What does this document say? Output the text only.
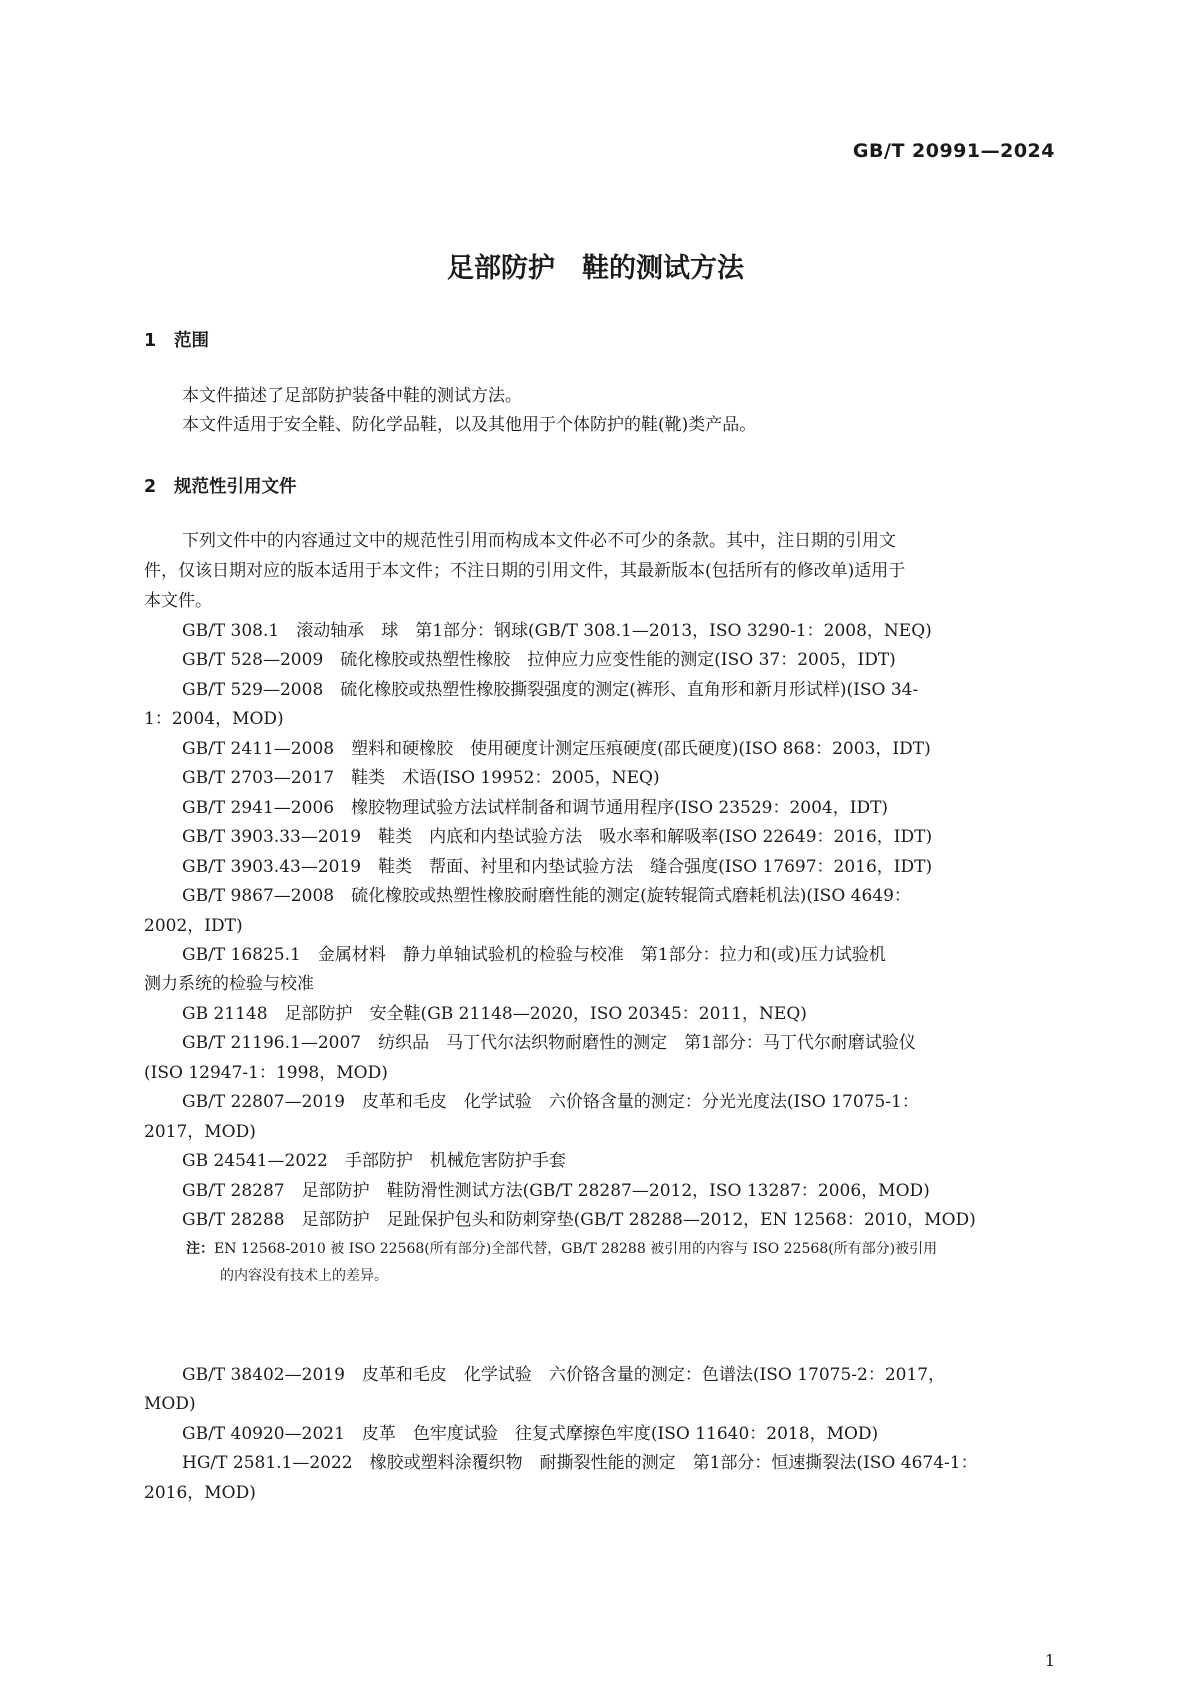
GB/T 20991—2024
足部防护　鞋的测试方法
1 范围
本文件描述了足部防护装备中鞋的测试方法。
本文件适用于安全鞋、防化学品鞋，以及其他用于个体防护的鞋(靴)类产品。
2 规范性引用文件
下列文件中的内容通过文中的规范性引用而构成本文件必不可少的条款。其中，注日期的引用文
件，仅该日期对应的版本适用于本文件；不注日期的引用文件，其最新版本(包括所有的修改单)适用于
本文件。
GB/T 308.1　滚动轴承　球　第1部分：钢球(GB/T 308.1—2013，ISO 3290-1：2008，NEQ)
GB/T 528—2009　硫化橡胶或热塑性橡胶　拉伸应力应变性能的测定(ISO 37：2005，IDT)
GB/T 529—2008　硫化橡胶或热塑性橡胶撕裂强度的测定(裤形、直角形和新月形试样)(ISO 34-
1：2004，MOD)
GB/T 2411—2008　塑料和硬橡胶　使用硬度计测定压痕硬度(邵氏硬度)(ISO 868：2003，IDT)
GB/T 2703—2017　鞋类　术语(ISO 19952：2005，NEQ)
GB/T 2941—2006　橡胶物理试验方法试样制备和调节通用程序(ISO 23529：2004，IDT)
GB/T 3903.33—2019　鞋类　内底和内垫试验方法　吸水率和解吸率(ISO 22649：2016，IDT)
GB/T 3903.43—2019　鞋类　帮面、衬里和内垫试验方法　缝合强度(ISO 17697：2016，IDT)
GB/T 9867—2008　硫化橡胶或热塑性橡胶耐磨性能的测定(旋转辊筒式磨耗机法)(ISO 4649：
2002，IDT)
GB/T 16825.1　金属材料　静力单轴试验机的检验与校准　第1部分：拉力和(或)压力试验机
测力系统的检验与校准
GB 21148　足部防护　安全鞋(GB 21148—2020，ISO 20345：2011，NEQ)
GB/T 21196.1—2007　纺织品　马丁代尔法织物耐磨性的测定　第1部分：马丁代尔耐磨试验仪
(ISO 12947-1：1998，MOD)
GB/T 22807—2019　皮革和毛皮　化学试验　六价铬含量的测定：分光光度法(ISO 17075-1：
2017，MOD)
GB 24541—2022　手部防护　机械危害防护手套
GB/T 28287　足部防护　鞋防滑性测试方法(GB/T 28287—2012，ISO 13287：2006，MOD)
GB/T 28288　足部防护　足趾保护包头和防刺穿垫(GB/T 28288—2012，EN 12568：2010，MOD)
注：EN 12568-2010 被 ISO 22568(所有部分)全部代替，GB/T 28288 被引用的内容与 ISO 22568(所有部分)被引用
的内容没有技术上的差异。
GB/T 38402—2019　皮革和毛皮　化学试验　六价铬含量的测定：色谱法(ISO 17075-2：2017，
MOD)
GB/T 40920—2021　皮革　色牢度试验　往复式摩擦色牢度(ISO 11640：2018，MOD)
HG/T 2581.1—2022　橡胶或塑料涂覆织物　耐撕裂性能的测定　第1部分：恒速撕裂法(ISO 4674-1：
2016，MOD)
1
